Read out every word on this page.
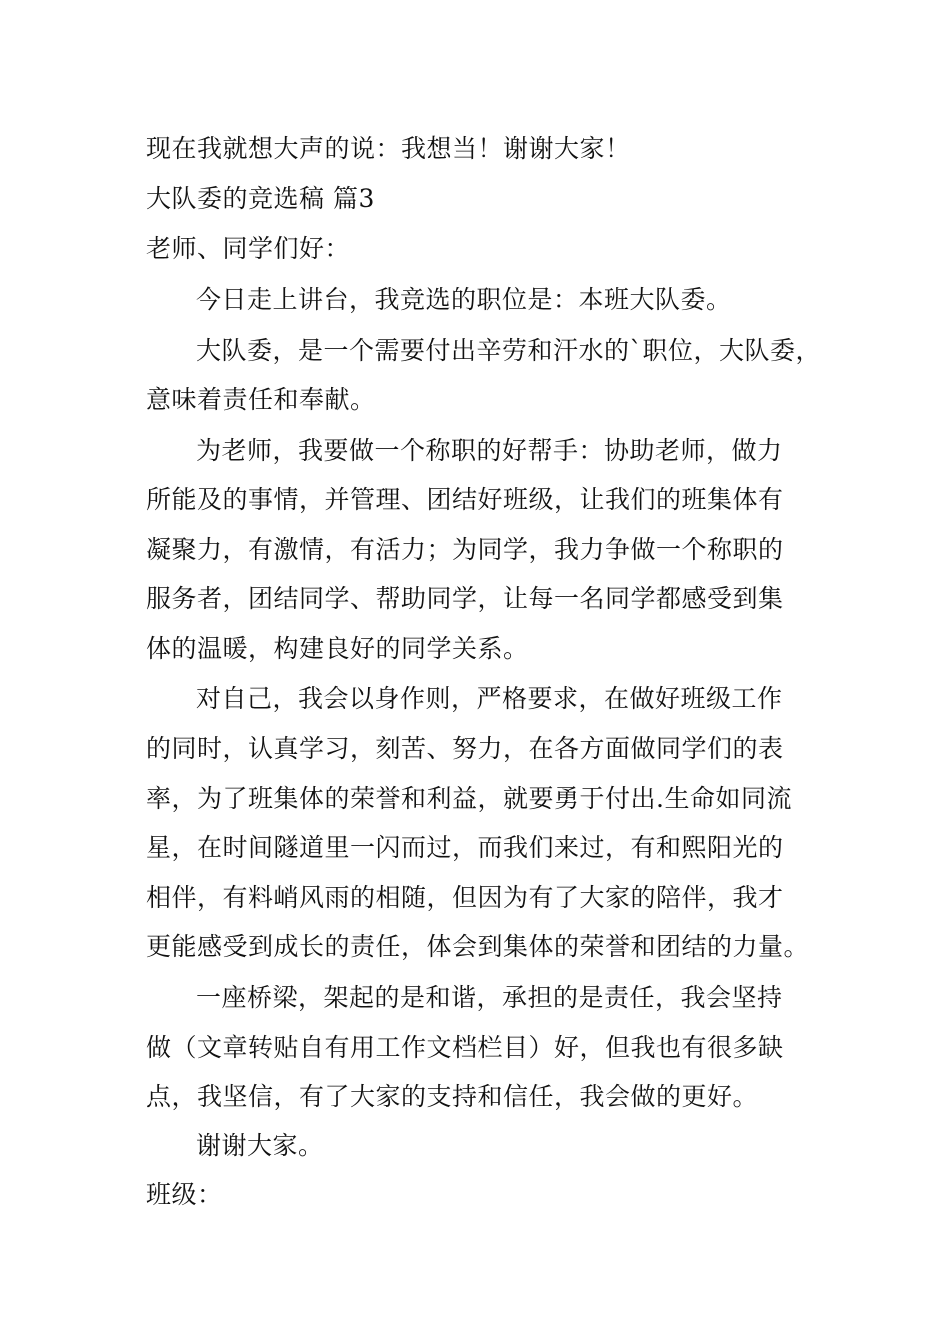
现在我就想大声的说：我想当！谢谢大家！
大队委的竞选稿 篇3
老师、同学们好：
今日走上讲台，我竞选的职位是：本班大队委。
大队委，是一个需要付出辛劳和汗水的`职位，大队委，
意味着责任和奉献。
为老师，我要做一个称职的好帮手：协助老师，做力
所能及的事情，并管理、团结好班级，让我们的班集体有
凝聚力，有激情，有活力；为同学，我力争做一个称职的
服务者，团结同学、帮助同学，让每一名同学都感受到集
体的温暖，构建良好的同学关系。
对自己，我会以身作则，严格要求，在做好班级工作
的同时，认真学习，刻苦、努力，在各方面做同学们的表
率，为了班集体的荣誉和利益，就要勇于付出.生命如同流
星，在时间隧道里一闪而过，而我们来过，有和熙阳光的
相伴，有料峭风雨的相随，但因为有了大家的陪伴，我才
更能感受到成长的责任，体会到集体的荣誉和团结的力量。
一座桥梁，架起的是和谐，承担的是责任，我会坚持
做（文章转贴自有用工作文档栏目）好，但我也有很多缺
点，我坚信，有了大家的支持和信任，我会做的更好。
谢谢大家。
班级：
